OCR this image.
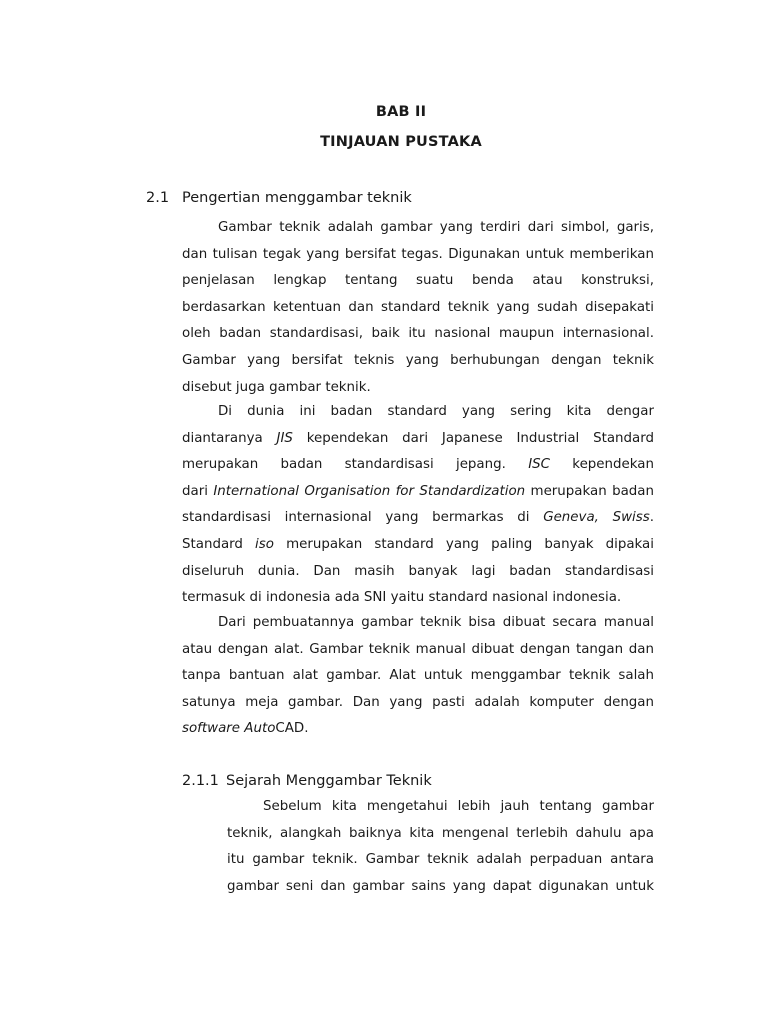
BAB II
TINJAUAN PUSTAKA
2.1 Pengertian menggambar teknik
Gambar teknik adalah gambar yang terdiri dari simbol, garis,
dan tulisan tegak yang bersifat tegas. Digunakan untuk memberikan
penjelasan lengkap tentang suatu benda atau konstruksi,
berdasarkan ketentuan dan standard teknik yang sudah disepakati
oleh badan standardisasi, baik itu nasional maupun internasional.
Gambar yang bersifat teknis yang berhubungan dengan teknik
disebut juga gambar teknik.
Di dunia ini badan standard yang sering kita dengar
diantaranya JIS kependekan dari Japanese Industrial Standard
merupakan badan standardisasi jepang. ISC kependekan
dari International Organisation for Standardization merupakan badan
standardisasi internasional yang bermarkas di Geneva, Swiss.
Standard iso merupakan standard yang paling banyak dipakai
diseluruh dunia. Dan masih banyak lagi badan standardisasi
termasuk di indonesia ada SNI yaitu standard nasional indonesia.
Dari pembuatannya gambar teknik bisa dibuat secara manual
atau dengan alat. Gambar teknik manual dibuat dengan tangan dan
tanpa bantuan alat gambar. Alat untuk menggambar teknik salah
satunya meja gambar. Dan yang pasti adalah komputer dengan
software AutoCAD.
2.1.1 Sejarah Menggambar Teknik
Sebelum kita mengetahui lebih jauh tentang gambar
teknik, alangkah baiknya kita mengenal terlebih dahulu apa
itu gambar teknik. Gambar teknik adalah perpaduan antara
gambar seni dan gambar sains yang dapat digunakan untuk
